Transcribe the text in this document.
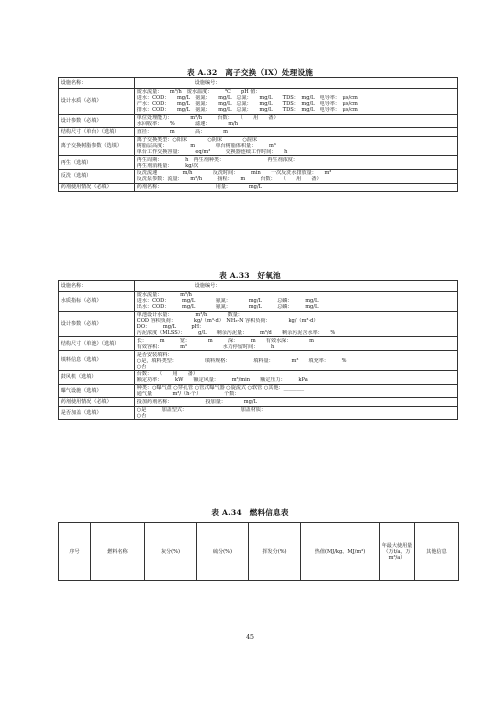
表 A.32　离子交换（IX）处理设施
设施名称：	设施编号：
设计水质（必填）	废水流量：　　m³/h　废水温度：　　　℃　　pH 值：
进水：COD：　　mg/L　氨氮：　　mg/L　总氮：　　mg/L　　TDS：　mg/L　电导率：　μs/cm
产水：COD：　　mg/L　氨氮：　　mg/L　总氮：　　mg/L　　TDS：　mg/L　电导率：　μs/cm
排水：COD：　　mg/L　氨氮：　　mg/L　总氮：　　mg/L　　TDS：　mg/L　电导率：　μs/cm

设计参数（必填）	单位处理能力：　　　　m³/h　　　台数：　　（　　用　　备）
水回收率：　　%　　　　滤速：　　　　m/h

结构尺寸（单台）（选填）	直径：　　　　m　　　　高：　　　　m

离子交换树脂参数（选填）	离子交换类型：○阳床　　　　○阴床　　　　○混床
树脂层高度：　　　　　m　　　　单台树脂体积量：　　　m³
单台工作交换容量：　　　eq/m³　　　交换器连续工作时间：　　h

再生（选填）	再生周期：　　　　　h　再生剂种类：　　　　　　　　　再生剂浓度：
再生剂消耗量：　　　kg/次

反洗（选填）	反洗流速　　　　　m/h　　　　反洗时间：　　　min　　一次反洗水排放量：　　m³
反洗泵参数：流量：　　m³/h　　　扬程：　　m　　　台数：　　（　　用　　备）

药剂使用情况（必填）	药剂名称：　　　　　　　　　　　用量：　　　　mg/L
表 A.33　好氧池
设施名称：	设施编号：
水质指标（必填）	废水流量：　　　　m³/h
进水：COD：　　　mg/L　　　　氨氮：　　　　mg/L　　　总磷：　　　mg/L
出水：COD：　　　mg/L　　　　氨氮：　　　　mg/L　　　总磷：　　　mg/L

设计参数（必填）	单池设计水量：　　　　　m³/h　　　　数量：
COD 容积负荷：　　　　kg/（m³·d）　NH₃-N 容积负荷：　　　　kg/（m³·d）
DO：　　　mg/L　　　pH：
污泥浓度（MLSS）：　　　g/L　　剩余污泥量：　　　m³/d　　剩余污泥含水率：　　%

结构尺寸（单池）（选填）	长：　　　m　　　宽：　　　　m　　　深：　　　m　　有效水深：　　　　m
有效容积：　　　　m³　　　　　　　水力停留时间：　　　h

填料信息（选填）	是否安装填料：
○是，填料类型：　　　　　　填料规格：　　　　　填料量：　　　　m³　　填充率：　　　%
○否

鼓风机（选填）	台数：　　（　　用　　备）
额定功率：　　　kW　　额定风量：　　　m³/min　　额定压力：　　　kPa

曝气设施（选填）	种类：○曝气盘 ○穿孔管 ○管式曝气器 ○旋流式 ○软管 ○其他：________
通气量　　　　m³/（h·个）　　　　　个数：

药剂使用情况（必填）	投加药剂名称：　　　　　　　投加量：　　　　mg/L

是否加盖（选填）	○是　　　加盖型式：　　　　　　　　　　　加盖材质：
○否
表 A.34　燃料信息表
序号	燃料名称	灰分(%)	硫分(%)	挥发分(%)	热值(MJ/kg、MJ/m³)	年最大使用量（万t/a、万m³/a）	其他信息
45
